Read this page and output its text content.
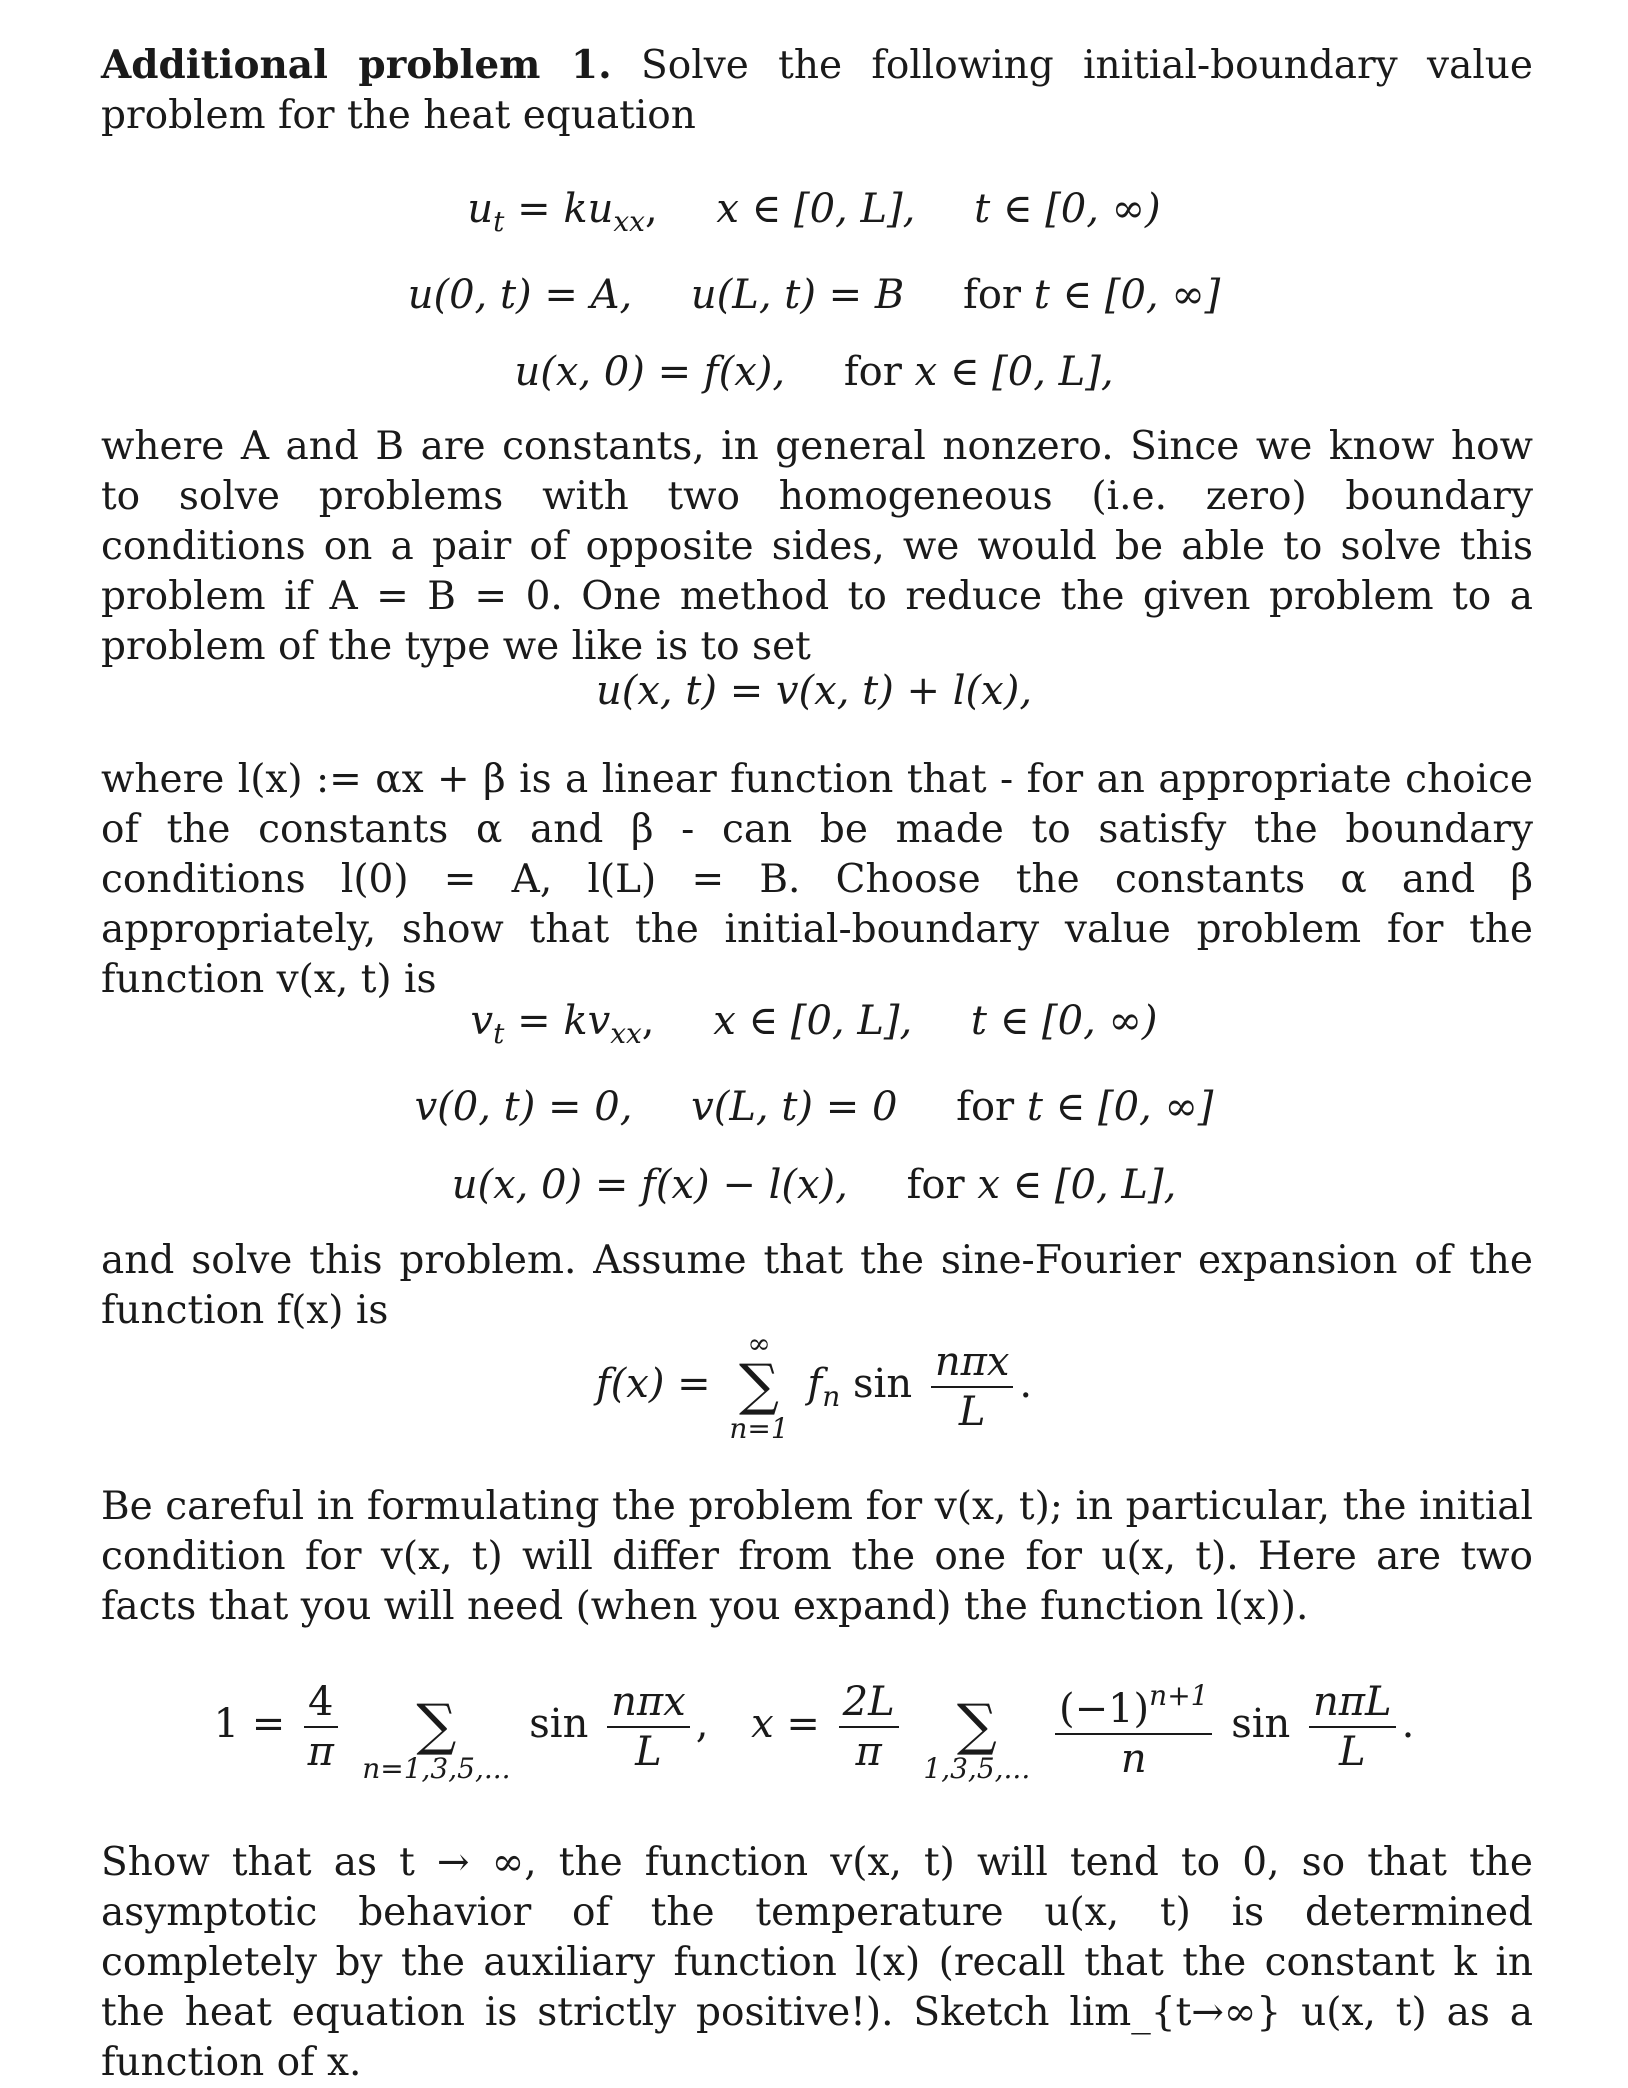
Additional problem 1. Solve the following initial-boundary value problem for the heat equation

$u_t = ku_{xx}$, x ∈ [0, L], t ∈ [0, ∞)
u(0, t) = A, u(L, t) = B for t ∈ [0, ∞]
u(x, 0) = f(x), for x ∈ [0, L],

where A and B are constants, in general nonzero. Since we know how to solve problems with two homogeneous (i.e. zero) boundary conditions on a pair of opposite sides, we would be able to solve this problem if A = B = 0. One method to reduce the given problem to a problem of the type we like is to set

u(x, t) = v(x, t) + l(x),

where l(x) := αx + β is a linear function that - for an appropriate choice of the constants α and β - can be made to satisfy the boundary conditions l(0) = A, l(L) = B. Choose the constants α and β appropriately, show that the initial-boundary value problem for the function v(x, t) is

$v_t = kv_{xx}$, x ∈ [0, L], t ∈ [0, ∞)
v(0, t) = 0, v(L, t) = 0 for t ∈ [0, ∞]
u(x, 0) = f(x) − l(x), for x ∈ [0, L],

and solve this problem. Assume that the sine-Fourier expansion of the function f(x) is

f(x) =
∞
∑
n=1
$f_n$ $\sin \frac{\text{nπx}}{L}$ .

Be careful in formulating the problem for v(x, t); in particular, the initial condition for v(x, t) will differ from the one for u(x, t). Here are two facts that you will need (when you expand) the function l(x)).

$1 = \frac{4}{\pi}$
	∑
n=1,3,5,...
$\sin \frac{\text{nπx}}{L}$ , $x = \frac{2L}{\pi}$
	∑
1,3,5,...
$\frac{(-1)^{n+1}}{n}$ $\sin \frac{\text{nπL}}{L}$ .

Show that as t → ∞, the function v(x, t) will tend to 0, so that the asymptotic behavior of the temperature u(x, t) is determined completely by the auxiliary function l(x) (recall that the constant k in the heat equation is strictly positive!). Sketch lim_{t→∞} u(x, t) as a function of x.
